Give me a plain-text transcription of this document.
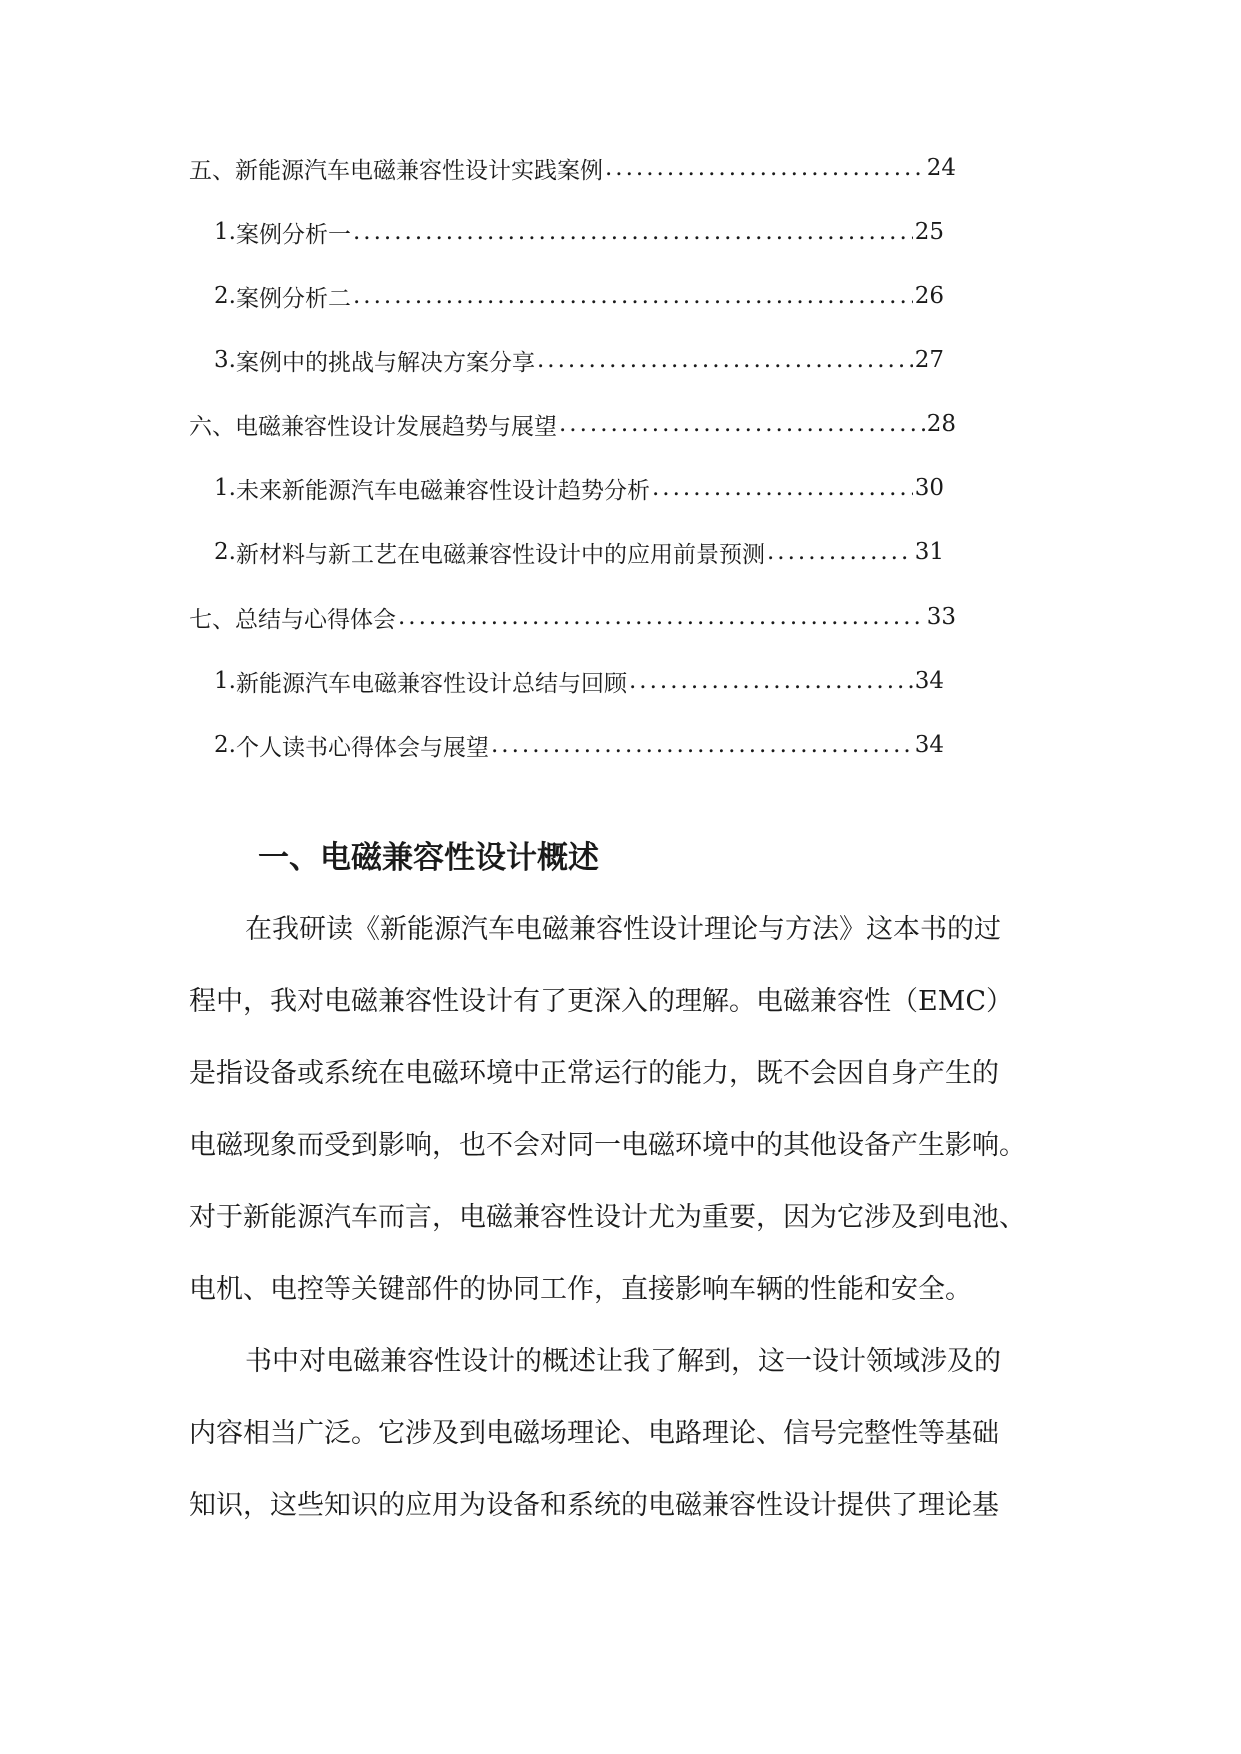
五、新能源汽车电磁兼容性设计实践案例 .....	24
1. 案例分析一 .....	25
2. 案例分析二 .....	26
3. 案例中的挑战与解决方案分享 .....	27
六、电磁兼容性设计发展趋势与展望 .....	28
1. 未来新能源汽车电磁兼容性设计趋势分析 .....	30
2. 新材料与新工艺在电磁兼容性设计中的应用前景预测 .....	31
七、总结与心得体会 .....	33
1. 新能源汽车电磁兼容性设计总结与回顾 .....	34
2. 个人读书心得体会与展望 .....	34
一、电磁兼容性设计概述
在我研读《新能源汽车电磁兼容性设计理论与方法》这本书的过
程中，我对电磁兼容性设计有了更深入的理解。电磁兼容性（EMC）
是指设备或系统在电磁环境中正常运行的能力，既不会因自身产生的
电磁现象而受到影响，也不会对同一电磁环境中的其他设备产生影响。
对于新能源汽车而言，电磁兼容性设计尤为重要，因为它涉及到电池、
电机、电控等关键部件的协同工作，直接影响车辆的性能和安全。
书中对电磁兼容性设计的概述让我了解到，这一设计领域涉及的
内容相当广泛。它涉及到电磁场理论、电路理论、信号完整性等基础
知识，这些知识的应用为设备和系统的电磁兼容性设计提供了理论基
